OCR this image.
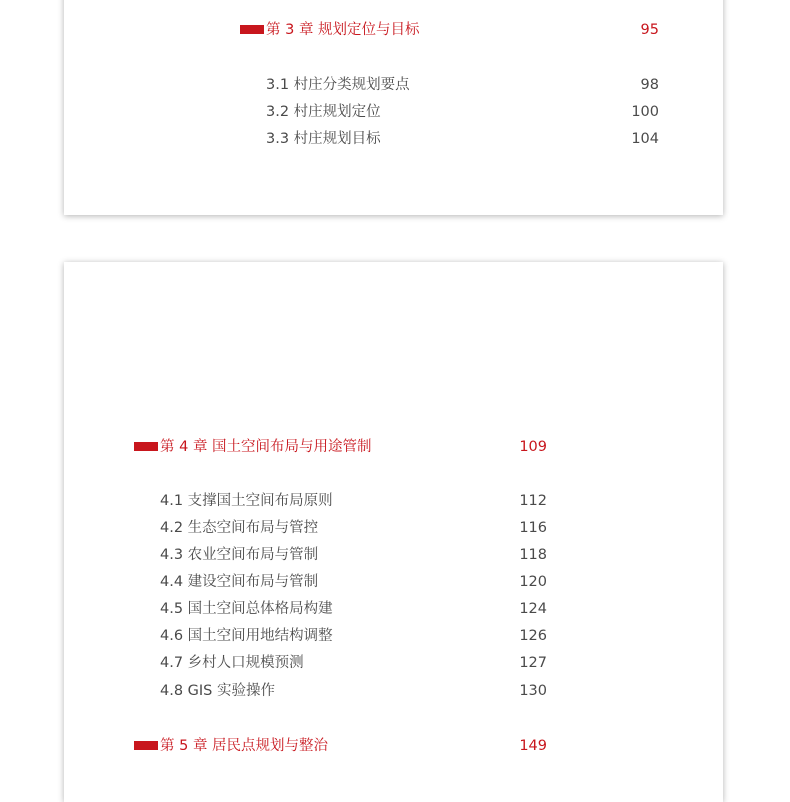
第 3 章 规划定位与目标	95
3.1 村庄分类规划要点	98
3.2 村庄规划定位	100
3.3 村庄规划目标	104
第 4 章 国土空间布局与用途管制	109
4.1 支撑国土空间布局原则	112
4.2 生态空间布局与管控	116
4.3 农业空间布局与管制	118
4.4 建设空间布局与管制	120
4.5 国土空间总体格局构建	124
4.6 国土空间用地结构调整	126
4.7 乡村人口规模预测	127
4.8 GIS 实验操作	130
第 5 章 居民点规划与整治	149
